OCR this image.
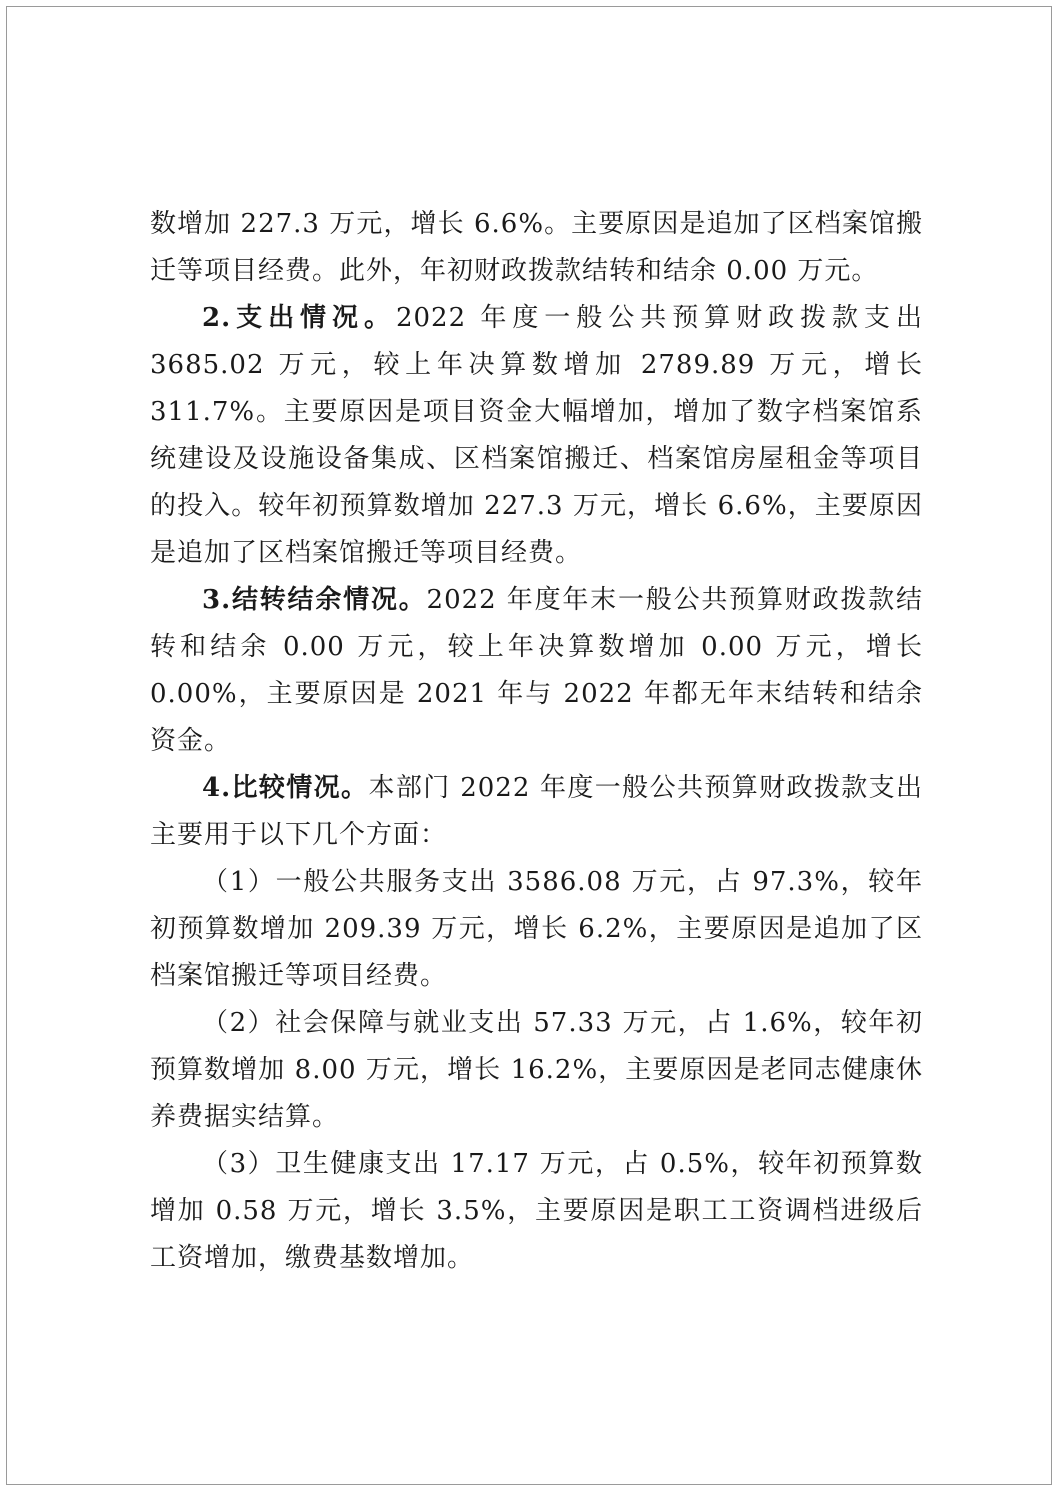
数增加 227.3 万元，增长 6.6%。主要原因是追加了区档案馆搬迁等项目经费。此外，年初财政拨款结转和结余 0.00 万元。

2.支出情况。2022 年度一般公共预算财政拨款支出 3685.02 万元，较上年决算数增加 2789.89 万元，增长 311.7%。主要原因是项目资金大幅增加，增加了数字档案馆系统建设及设施设备集成、区档案馆搬迁、档案馆房屋租金等项目的投入。较年初预算数增加 227.3 万元，增长 6.6%，主要原因是追加了区档案馆搬迁等项目经费。

3.结转结余情况。2022 年度年末一般公共预算财政拨款结转和结余 0.00 万元，较上年决算数增加 0.00 万元，增长 0.00%，主要原因是 2021 年与 2022 年都无年末结转和结余资金。

4.比较情况。本部门 2022 年度一般公共预算财政拨款支出主要用于以下几个方面：

（1）一般公共服务支出 3586.08 万元，占 97.3%，较年初预算数增加 209.39 万元，增长 6.2%，主要原因是追加了区档案馆搬迁等项目经费。

（2）社会保障与就业支出 57.33 万元，占 1.6%，较年初预算数增加 8.00 万元，增长 16.2%，主要原因是老同志健康休养费据实结算。

（3）卫生健康支出 17.17 万元，占 0.5%，较年初预算数增加 0.58 万元，增长 3.5%，主要原因是职工工资调档进级后工资增加，缴费基数增加。
